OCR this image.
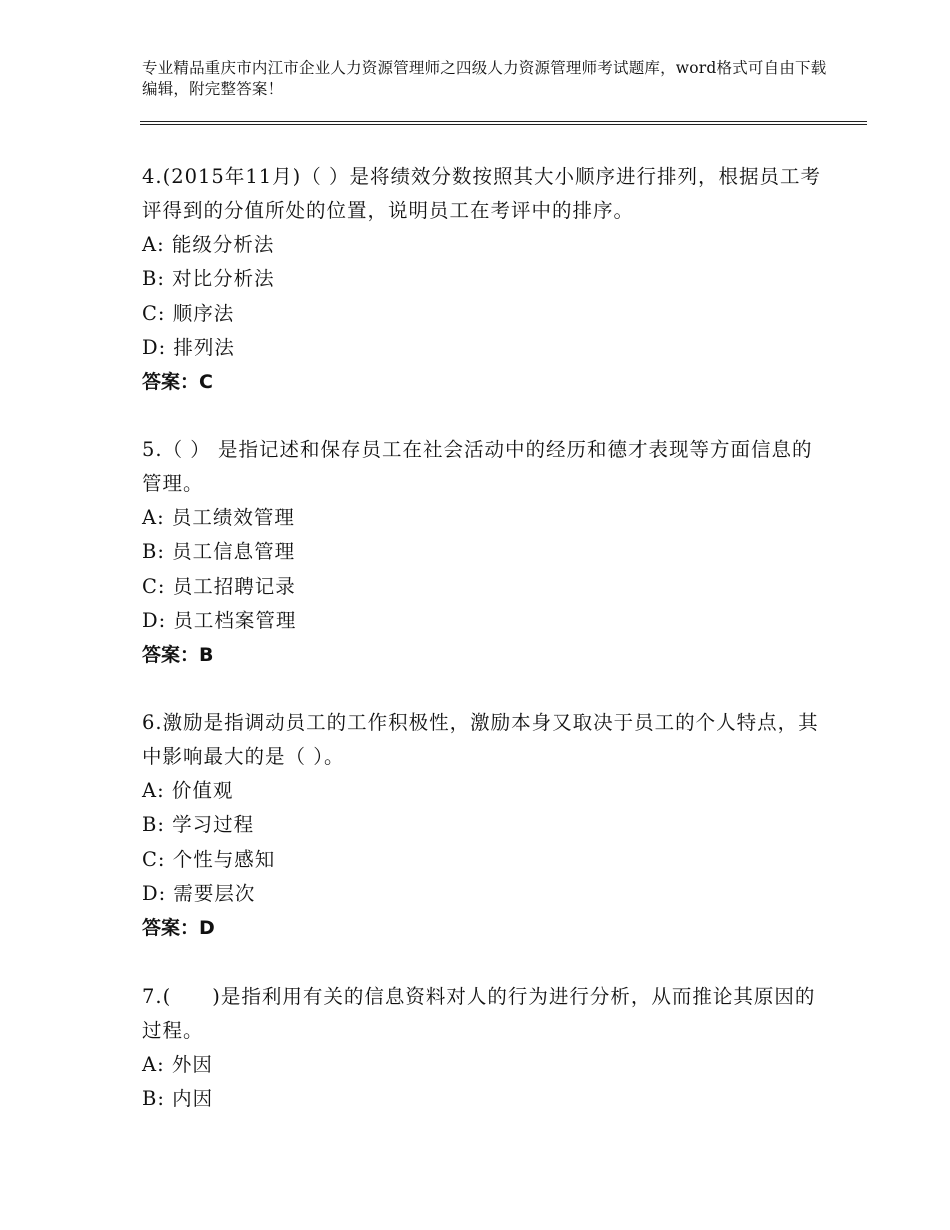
专业精品重庆市内江市企业人力资源管理师之四级人力资源管理师考试题库，word格式可自由下载编辑，附完整答案！

4.(2015年11月)（ ）是将绩效分数按照其大小顺序进行排列，根据员工考评得到的分值所处的位置，说明员工在考评中的排序。

A: 能级分析法

B: 对比分析法

C: 顺序法

D: 排列法

答案：C

5.（ ） 是指记述和保存员工在社会活动中的经历和德才表现等方面信息的管理。

A: 员工绩效管理

B: 员工信息管理

C: 员工招聘记录

D: 员工档案管理

答案：B

6.激励是指调动员工的工作积极性，激励本身又取决于员工的个人特点，其中影响最大的是（ ）。

A: 价值观

B: 学习过程

C: 个性与感知

D: 需要层次

答案：D

7.(　　)是指利用有关的信息资料对人的行为进行分析，从而推论其原因的过程。

A: 外因

B: 内因
